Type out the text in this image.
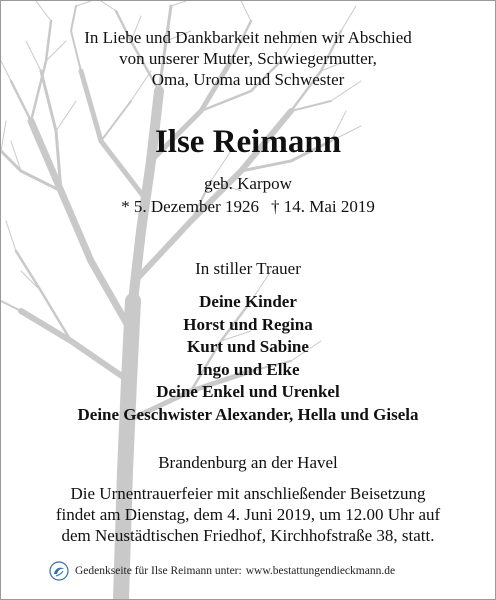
In Liebe und Dankbarkeit nehmen wir Abschied
von unserer Mutter, Schwiegermutter,
Oma, Uroma und Schwester
Ilse Reimann
geb. Karpow
* 5. Dezember 1926 † 14. Mai 2019
In stiller Trauer
Deine Kinder
Horst und Regina
Kurt und Sabine
Ingo und Elke
Deine Enkel und Urenkel
Deine Geschwister Alexander, Hella und Gisela
Brandenburg an der Havel
Die Urnentrauerfeier mit anschließender Beisetzung
findet am Dienstag, dem 4. Juni 2019, um 12.00 Uhr auf
dem Neustädtischen Friedhof, Kirchhofstraße 38, statt.
Gedenkseite für Ilse Reimann unter: www.bestattungendieckmann.de
